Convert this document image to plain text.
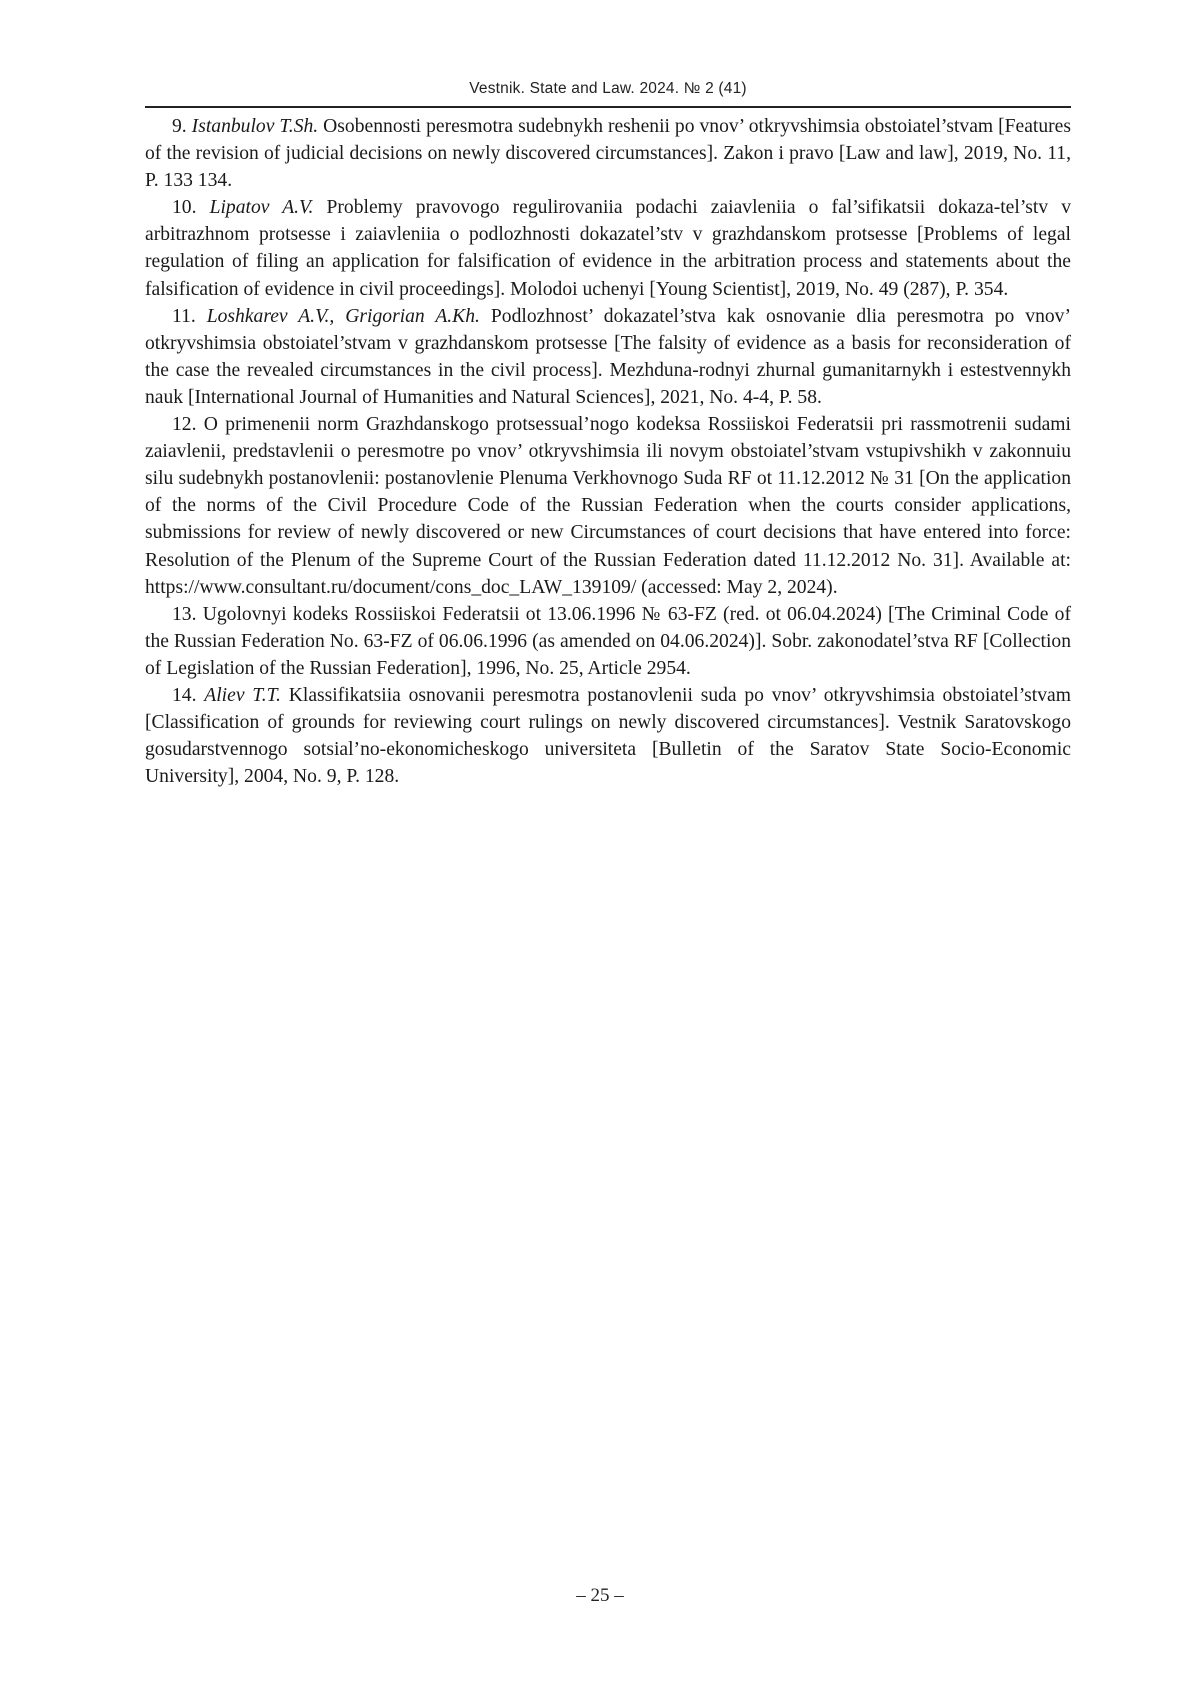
Vestnik. State and Law. 2024. № 2 (41)
9. Istanbulov T.Sh. Osobennosti peresmotra sudebnykh reshenii po vnov’ otkryvshimsia obstoiatel’stvam [Features of the revision of judicial decisions on newly discovered circumstances]. Zakon i pravo [Law and law], 2019, No. 11, P. 133 134.
10. Lipatov A.V. Problemy pravovogo regulirovaniia podachi zaiavleniia o fal’sifikatsii dokaza-tel’stv v arbitrazhnom protsesse i zaiavleniia o podlozhnosti dokazatel’stv v grazhdanskom protsesse [Problems of legal regulation of filing an application for falsification of evidence in the arbitration process and statements about the falsification of evidence in civil proceedings]. Molodoi uchenyi [Young Scientist], 2019, No. 49 (287), P. 354.
11. Loshkarev A.V., Grigorian A.Kh. Podlozhnost’ dokazatel’stva kak osnovanie dlia peresmotra po vnov’ otkryvshimsia obstoiatel’stvam v grazhdanskom protsesse [The falsity of evidence as a basis for reconsideration of the case the revealed circumstances in the civil process]. Mezhduna-rodnyi zhurnal gumanitarnykh i estestvennykh nauk [International Journal of Humanities and Natural Sciences], 2021, No. 4-4, P. 58.
12. O primenenii norm Grazhdanskogo protsessual’nogo kodeksa Rossiiskoi Federatsii pri rassmotrenii sudami zaiavlenii, predstavlenii o peresmotre po vnov’ otkryvshimsia ili novym obstoiatel’stvam vstupivshikh v zakonnuiu silu sudebnykh postanovlenii: postanovlenie Plenuma Verkhovnogo Suda RF ot 11.12.2012 № 31 [On the application of the norms of the Civil Procedure Code of the Russian Federation when the courts consider applications, submissions for review of newly discovered or new Circumstances of court decisions that have entered into force: Resolution of the Plenum of the Supreme Court of the Russian Federation dated 11.12.2012 No. 31]. Available at: https://www.consultant.ru/document/cons_doc_LAW_139109/ (accessed: May 2, 2024).
13. Ugolovnyi kodeks Rossiiskoi Federatsii ot 13.06.1996 № 63-FZ (red. ot 06.04.2024) [The Criminal Code of the Russian Federation No. 63-FZ of 06.06.1996 (as amended on 04.06.2024)]. Sobr. zakonodatel’stva RF [Collection of Legislation of the Russian Federation], 1996, No. 25, Article 2954.
14. Aliev T.T. Klassifikatsiia osnovanii peresmotra postanovlenii suda po vnov’ otkryvshimsia obstoiatel’stvam [Classification of grounds for reviewing court rulings on newly discovered circumstances]. Vestnik Saratovskogo gosudarstvennogo sotsial’no-ekonomicheskogo universiteta [Bulletin of the Saratov State Socio-Economic University], 2004, No. 9, P. 128.
– 25 –
